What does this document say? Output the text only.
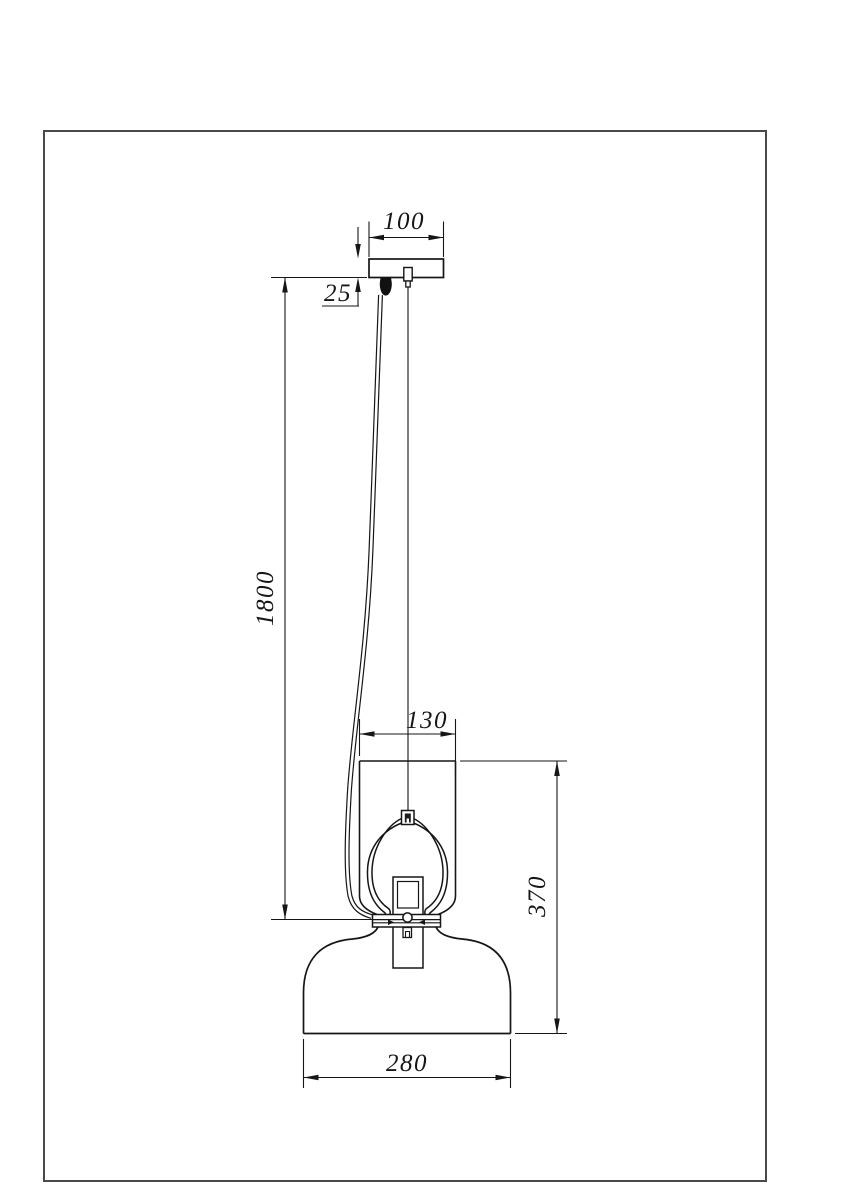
100
25
1800
130
370
280
